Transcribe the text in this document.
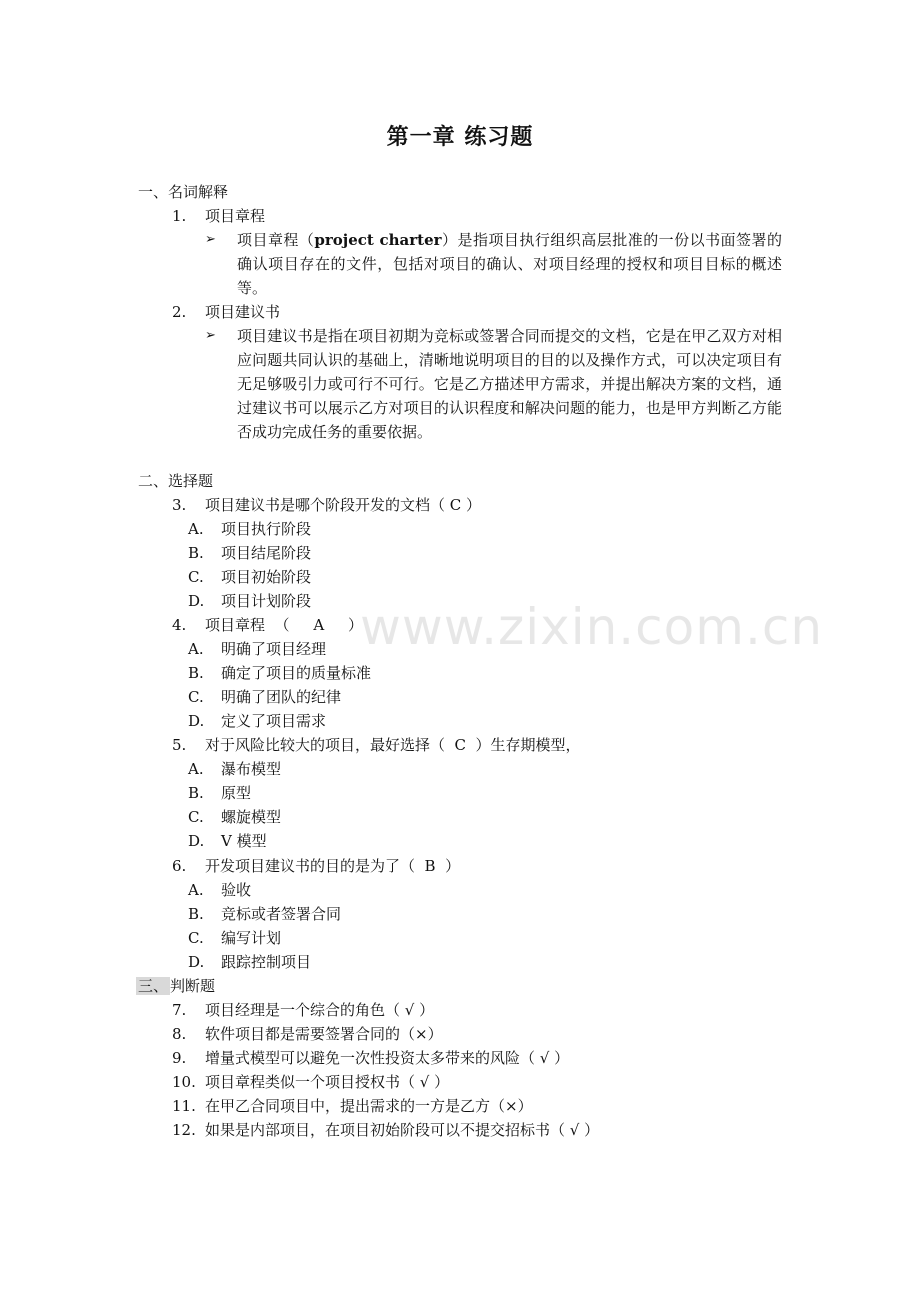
www.zixin.com.cn
第一章 练习题
一、名词解释
1.	项目章程
➢	项目章程（project charter）是指项目执行组织高层批准的一份以书面签署的确认项目存在的文件，包括对项目的确认、对项目经理的授权和项目目标的概述等。
2.	项目建议书
➢	项目建议书是指在项目初期为竞标或签署合同而提交的文档，它是在甲乙双方对相应问题共同认识的基础上，清晰地说明项目的目的以及操作方式，可以决定项目有无足够吸引力或可行不可行。它是乙方描述甲方需求，并提出解决方案的文档，通过建议书可以展示乙方对项目的认识程度和解决问题的能力，也是甲方判断乙方能否成功完成任务的重要依据。
二、选择题
3.	项目建议书是哪个阶段开发的文档（ C ）
A.	项目执行阶段
B.	项目结尾阶段
C.	项目初始阶段
D.	项目计划阶段
4.	项目章程  （     A     ）
A.	明确了项目经理
B.	确定了项目的质量标准
C.	明确了团队的纪律
D.	定义了项目需求
5.	对于风险比较大的项目，最好选择（  C  ）生存期模型，
A.	瀑布模型
B.	原型
C.	螺旋模型
D.	V 模型
6.	开发项目建议书的目的是为了（  B  ）
A.	验收
B.	竞标或者签署合同
C.	编写计划
D.	跟踪控制项目
三、 判断题
7.	项目经理是一个综合的角色（ √ ）
8.	软件项目都是需要签署合同的（×）
9.	增量式模型可以避免一次性投资太多带来的风险（ √ ）
10. 项目章程类似一个项目授权书（ √ ）
11. 在甲乙合同项目中，提出需求的一方是乙方（×）
12. 如果是内部项目，在项目初始阶段可以不提交招标书（ √ ）
